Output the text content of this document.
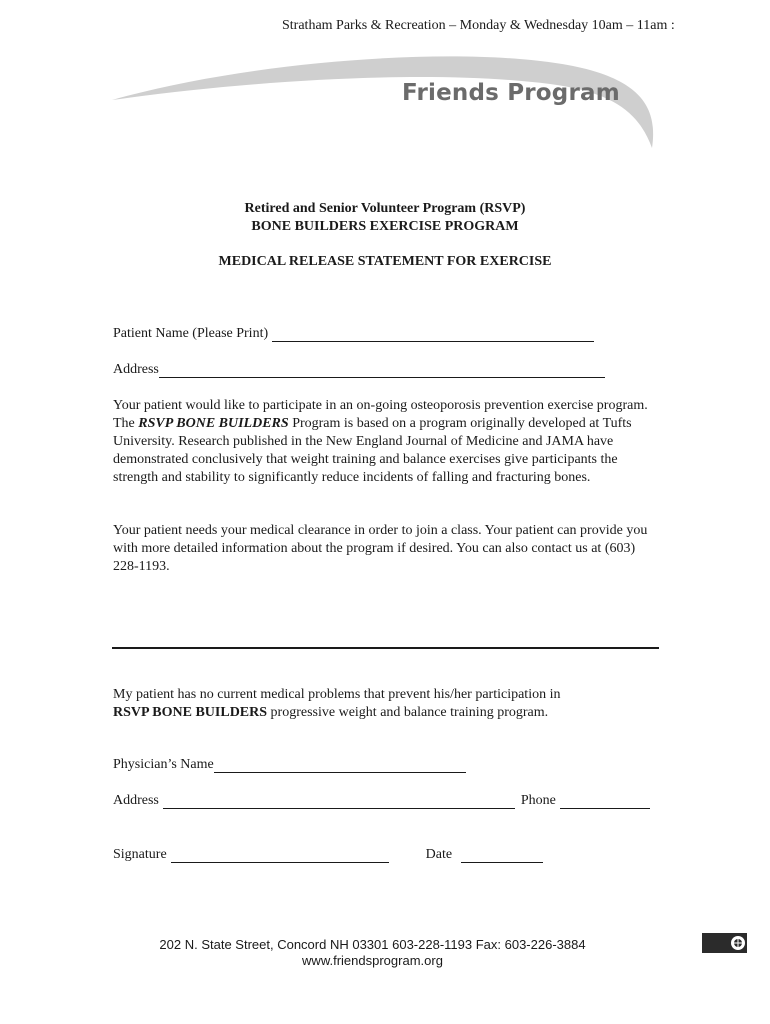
Stratham Parks & Recreation – Monday & Wednesday 10am – 11am :
Friends Program
Retired and Senior Volunteer Program (RSVP)
BONE BUILDERS EXERCISE PROGRAM
MEDICAL RELEASE STATEMENT FOR EXERCISE
Patient Name (Please Print)
Address
Your patient would like to participate in an on-going osteoporosis prevention exercise program. The RSVP BONE BUILDERS Program is based on a program originally developed at Tufts University. Research published in the New England Journal of Medicine and JAMA have demonstrated conclusively that weight training and balance exercises give participants the strength and stability to significantly reduce incidents of falling and fracturing bones.
Your patient needs your medical clearance in order to join a class. Your patient can provide you with more detailed information about the program if desired. You can also contact us at (603) 228-1193.
My patient has no current medical problems that prevent his/her participation in
RSVP BONE BUILDERS progressive weight and balance training program.
Physician’s Name
Address	Phone
Signature	Date
202 N. State Street, Concord NH 03301 603-228-1193 Fax: 603-226-3884
www.friendsprogram.org
